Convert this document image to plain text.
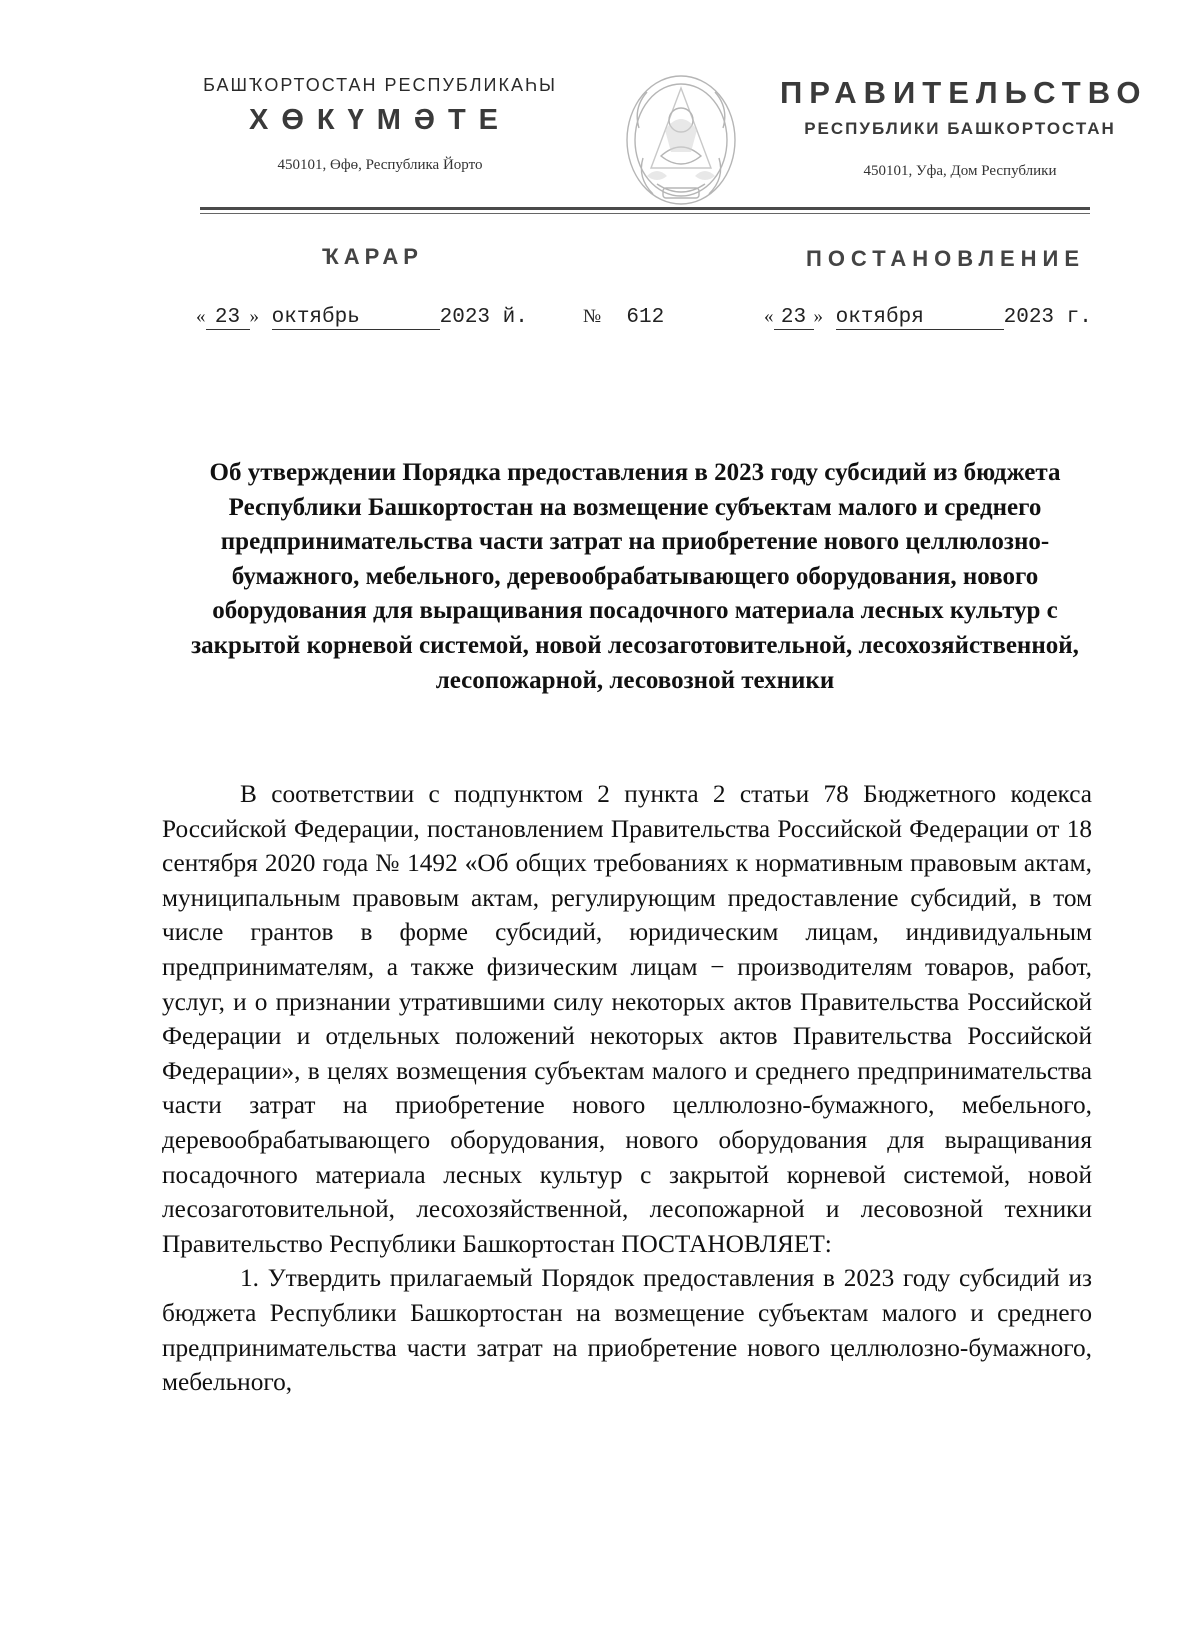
БАШҠОРТОСТАН РЕСПУБЛИКАҺЫ
ХӨКҮМӘТЕ
450101, Өфө, Республика Йорто
ПРАВИТЕЛЬСТВО
РЕСПУБЛИКИ БАШКОРТОСТАН
450101, Уфа, Дом Республики
ҠАРАР	ПОСТАНОВЛЕНИЕ
« 23 » октябрь	2023 й.	№ 612	« 23 » октября	2023 г.
Об утверждении Порядка предоставления в 2023 году субсидий из бюджета Республики Башкортостан на возмещение субъектам малого и среднего предпринимательства части затрат на приобретение нового целлюлозно-бумажного, мебельного, деревообрабатывающего оборудования, нового оборудования для выращивания посадочного материала лесных культур с закрытой корневой системой, новой лесозаготовительной, лесохозяйственной, лесопожарной, лесовозной техники

В соответствии с подпунктом 2 пункта 2 статьи 78 Бюджетного кодекса Российской Федерации, постановлением Правительства Российской Федерации от 18 сентября 2020 года № 1492 «Об общих требованиях к нормативным правовым актам, муниципальным правовым актам, регулирующим предоставление субсидий, в том числе грантов в форме субсидий, юридическим лицам, индивидуальным предпринимателям, а также физическим лицам − производителям товаров, работ, услуг, и о признании утратившими силу некоторых актов Правительства Российской Федерации и отдельных положений некоторых актов Правительства Российской Федерации», в целях возмещения субъектам малого и среднего предпринимательства части затрат на приобретение нового целлюлозно-бумажного, мебельного, деревообрабатывающего оборудования, нового оборудования для выращивания посадочного материала лесных культур с закрытой корневой системой, новой лесозаготовительной, лесохозяйственной, лесопожарной и лесовозной техники Правительство Республики Башкортостан ПОСТАНОВЛЯЕТ:

1. Утвердить прилагаемый Порядок предоставления в 2023 году субсидий из бюджета Республики Башкортостан на возмещение субъектам малого и среднего предпринимательства части затрат на приобретение нового целлюлозно-бумажного, мебельного,
